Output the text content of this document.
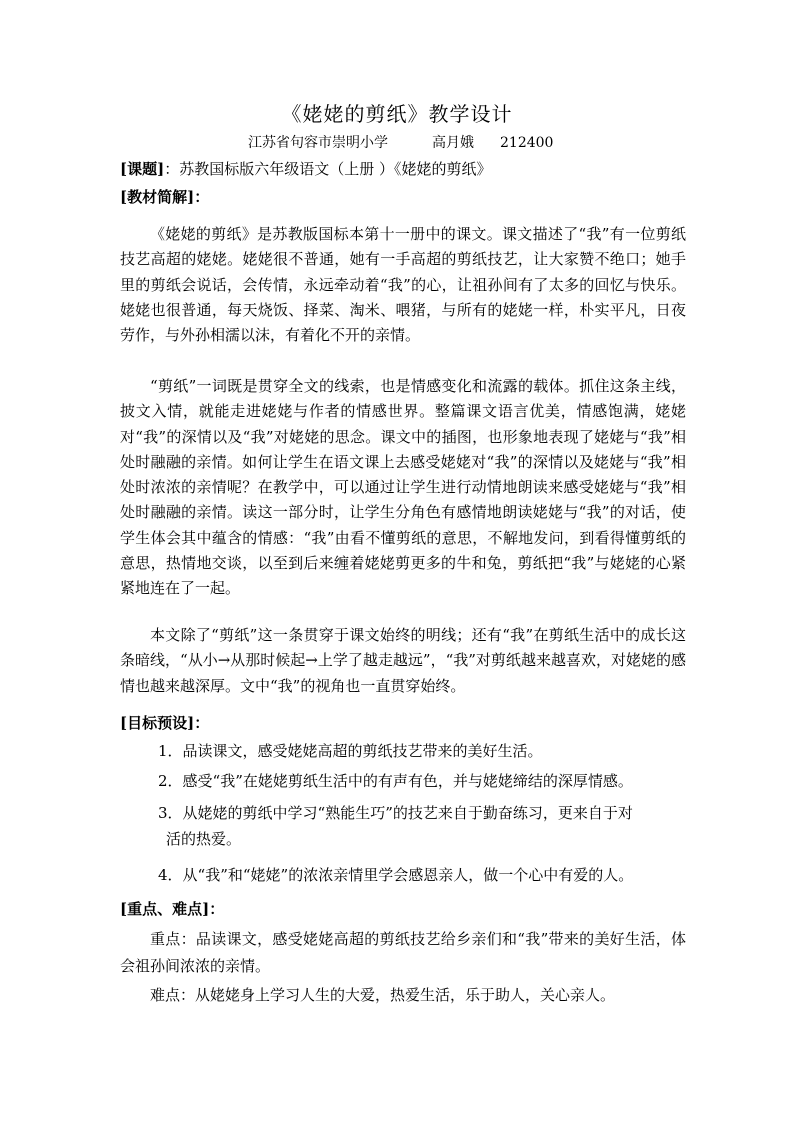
《姥姥的剪纸》教学设计
江苏省句容市崇明小学	高月娥 212400
[课题]：苏教国标版六年级语文（上册 ）《姥姥的剪纸》
[教材简解]：
《姥姥的剪纸》是苏教版国标本第十一册中的课文。课文描述了“我”有一位剪纸技艺高超的姥姥。姥姥很不普通，她有一手高超的剪纸技艺，让大家赞不绝口；她手里的剪纸会说话，会传情，永远牵动着“我”的心，让祖孙间有了太多的回忆与快乐。姥姥也很普通，每天烧饭、择菜、淘米、喂猪，与所有的姥姥一样，朴实平凡，日夜劳作，与外孙相濡以沫，有着化不开的亲情。
“剪纸”一词既是贯穿全文的线索，也是情感变化和流露的载体。抓住这条主线，披文入情，就能走进姥姥与作者的情感世界。整篇课文语言优美，情感饱满，姥姥对“我”的深情以及“我”对姥姥的思念。课文中的插图，也形象地表现了姥姥与“我”相处时融融的亲情。如何让学生在语文课上去感受姥姥对“我”的深情以及姥姥与“我”相处时浓浓的亲情呢？在教学中，可以通过让学生进行动情地朗读来感受姥姥与“我”相处时融融的亲情。读这一部分时，让学生分角色有感情地朗读姥姥与“我”的对话，使学生体会其中蕴含的情感：“我”由看不懂剪纸的意思，不解地发问，到看得懂剪纸的意思，热情地交谈，以至到后来缠着姥姥剪更多的牛和兔，剪纸把“我”与姥姥的心紧紧地连在了一起。
本文除了“剪纸”这一条贯穿于课文始终的明线；还有“我”在剪纸生活中的成长这条暗线，“从小→从那时候起→上学了越走越远”，“我”对剪纸越来越喜欢，对姥姥的感情也越来越深厚。文中“我”的视角也一直贯穿始终。
[目标预设]：
1．品读课文，感受姥姥高超的剪纸技艺带来的美好生活。
2．感受“我”在姥姥剪纸生活中的有声有色，并与姥姥缔结的深厚情感。
3．从姥姥的剪纸中学习“熟能生巧”的技艺来自于勤奋练习，更来自于对
活的热爱。
4．从“我”和“姥姥”的浓浓亲情里学会感恩亲人，做一个心中有爱的人。
[重点、难点]：
重点：品读课文，感受姥姥高超的剪纸技艺给乡亲们和“我”带来的美好生活，体会祖孙间浓浓的亲情。
难点：从姥姥身上学习人生的大爱，热爱生活，乐于助人，关心亲人。
